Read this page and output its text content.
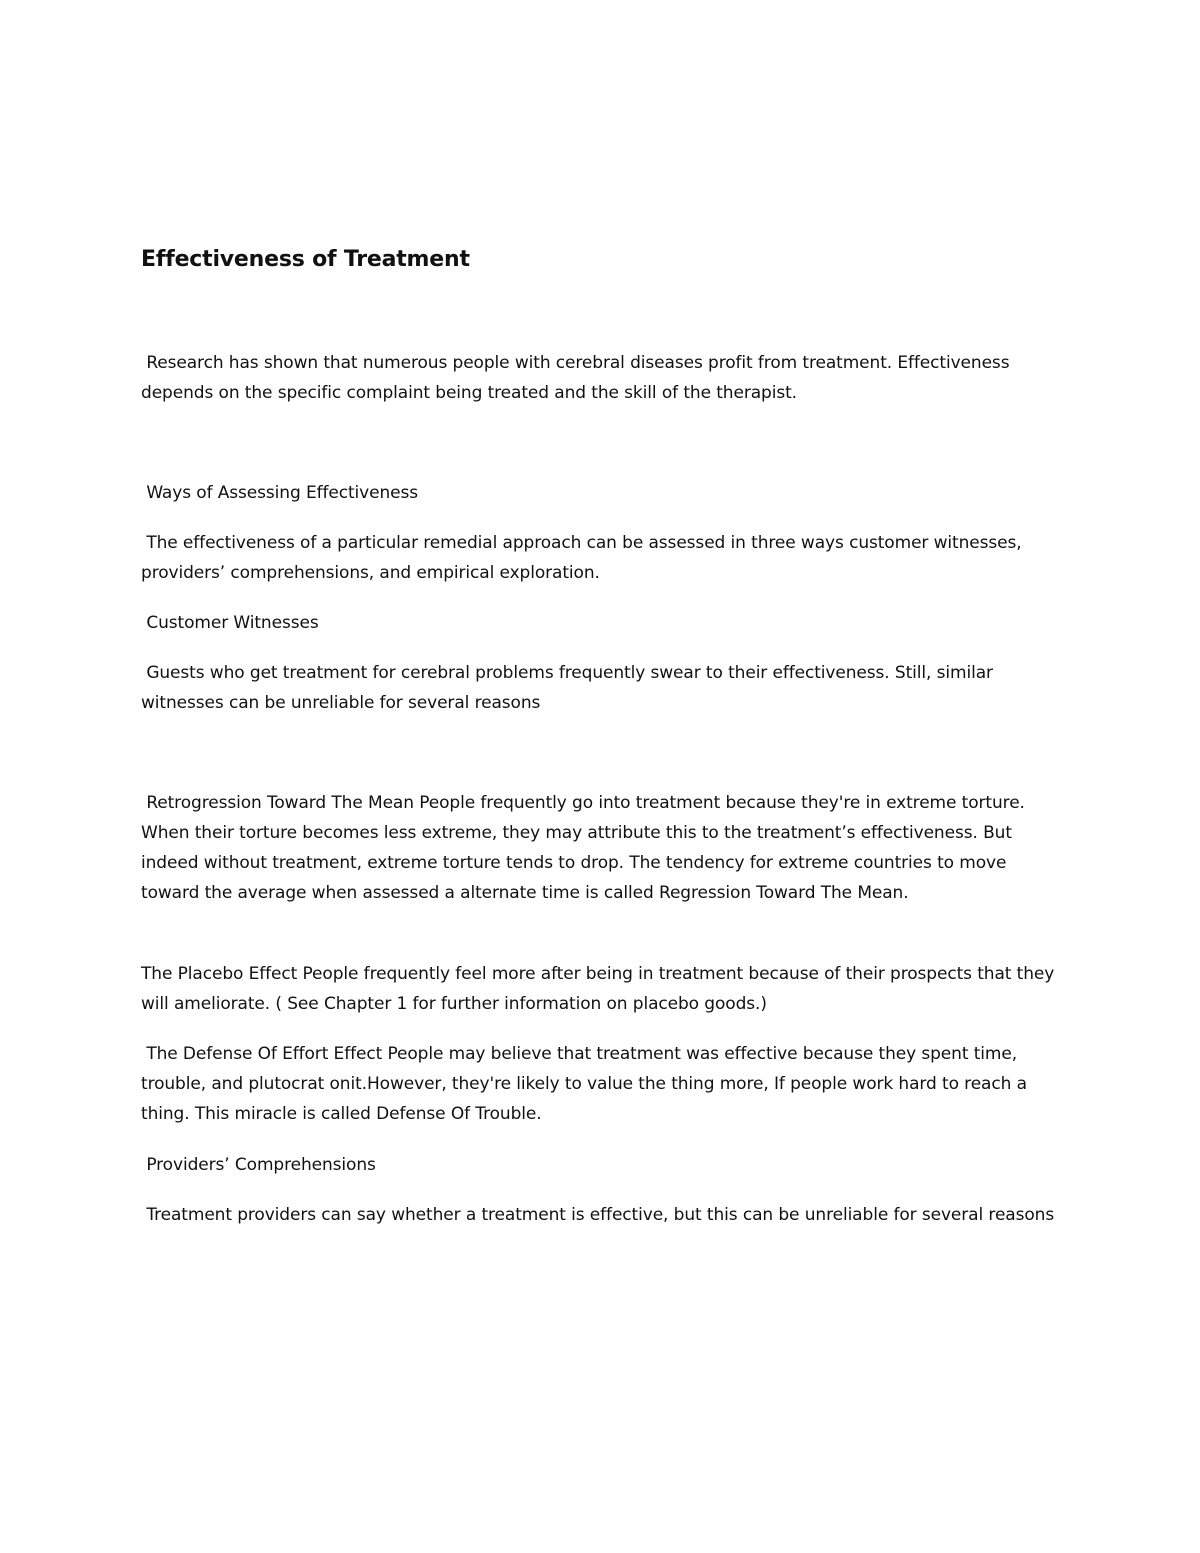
Effectiveness of Treatment

Research has shown that numerous people with cerebral diseases profit from treatment. Effectiveness depends on the specific complaint being treated and the skill of the therapist.

Ways of Assessing Effectiveness

The effectiveness of a particular remedial approach can be assessed in three ways customer witnesses, providers’ comprehensions, and empirical exploration.

Customer Witnesses

Guests who get treatment for cerebral problems frequently swear to their effectiveness. Still, similar witnesses can be unreliable for several reasons

Retrogression Toward The Mean People frequently go into treatment because they're in extreme torture. When their torture becomes less extreme, they may attribute this to the treatment’s effectiveness. But indeed without treatment, extreme torture tends to drop. The tendency for extreme countries to move toward the average when assessed a alternate time is called Regression Toward The Mean.

The Placebo Effect People frequently feel more after being in treatment because of their prospects that they will ameliorate. ( See Chapter 1 for further information on placebo goods.)

The Defense Of Effort Effect People may believe that treatment was effective because they spent time, trouble, and plutocrat onit.However, they're likely to value the thing more, If people work hard to reach a thing. This miracle is called Defense Of Trouble.

Providers’ Comprehensions

Treatment providers can say whether a treatment is effective, but this can be unreliable for several reasons
